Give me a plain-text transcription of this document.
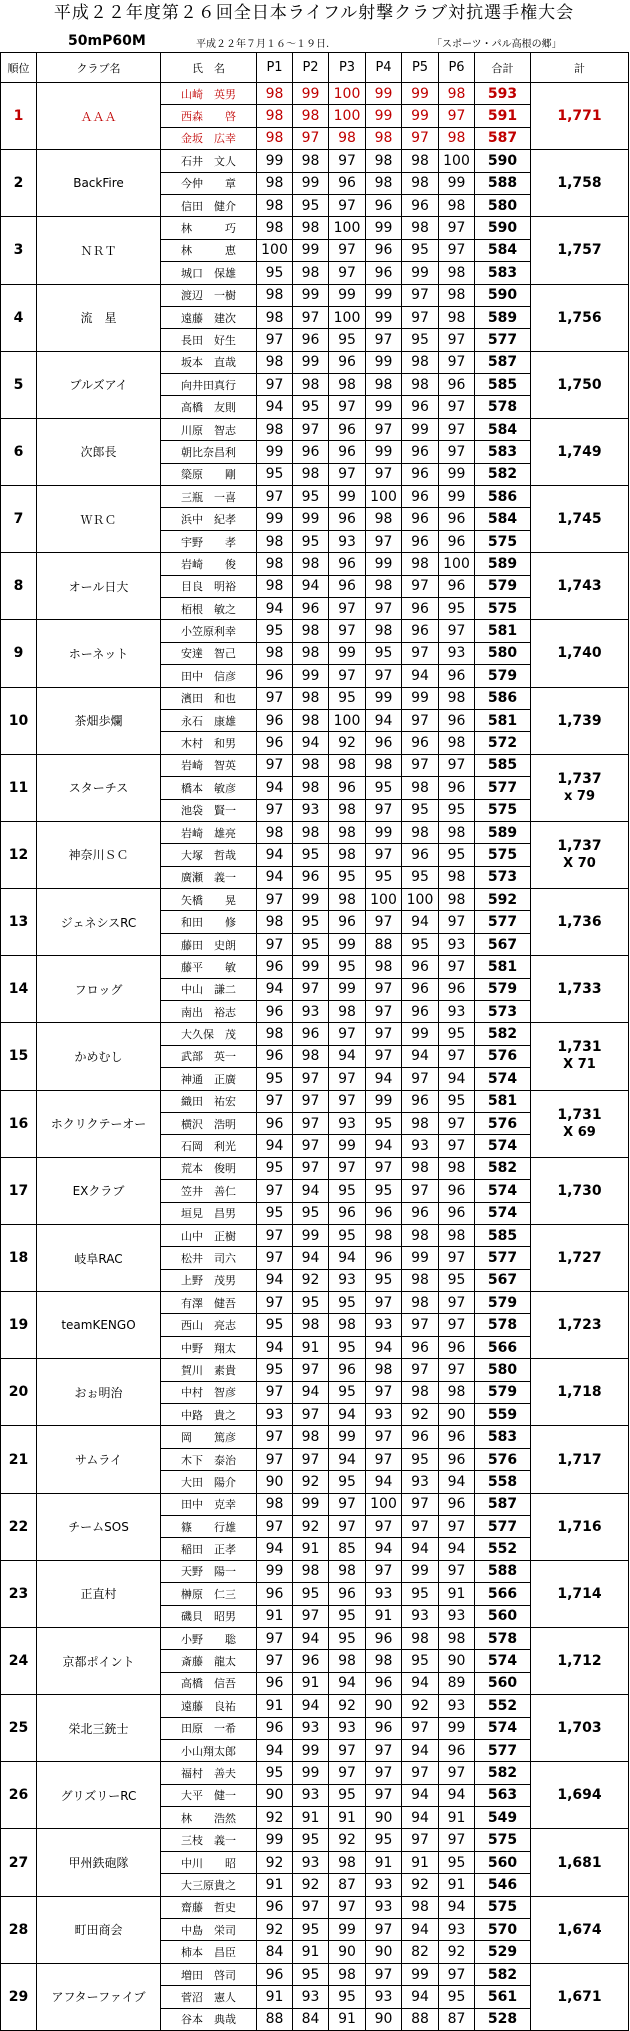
平成２２年度第２６回全日本ライフル射撃クラブ対抗選手権大会
50mP60M	平成２２年７月１６～１９日.	「スポーツ・パル高根の郷」
順位	クラブ名	氏　名	P1	P2	P3	P4	P5	P6	合計	計
1	ＡＡＡ	山崎　英男	98	99	100	99	99	98	593	1,771
		西森　　啓	98	98	100	99	99	97	591	
		金坂　広幸	98	97	98	98	97	98	587	
2	BackFire	石井　文人	99	98	97	98	98	100	590	1,758
		今仲　　章	98	99	96	98	98	99	588	
		信田　健介	98	95	97	96	96	98	580	
3	ＮＲＴ	林　　　巧	98	98	100	99	98	97	590	1,757
		林　　　恵	100	99	97	96	95	97	584	
		城口　保雄	95	98	97	96	99	98	583	
4	流　星	渡辺　一樹	98	99	99	99	97	98	590	1,756
		遠藤　建次	98	97	100	99	97	98	589	
		長田　好生	97	96	95	97	95	97	577	
5	ブルズアイ	坂本　直哉	98	99	96	99	98	97	587	1,750
		向井田真行	97	98	98	98	98	96	585	
		高橋　友則	94	95	97	99	96	97	578	
6	次郎長	川原　智志	98	97	96	97	99	97	584	1,749
		朝比奈昌利	99	96	96	99	96	97	583	
		簗原　　剛	95	98	97	97	96	99	582	
7	ＷＲＣ	三瓶　一喜	97	95	99	100	96	99	586	1,745
		浜中　紀孝	99	99	96	98	96	96	584	
		宇野　　孝	98	95	93	97	96	96	575	
8	オール日大	岩崎　　俊	98	98	96	99	98	100	589	1,743
		目良　明裕	98	94	96	98	97	96	579	
		栢根　敏之	94	96	97	97	96	95	575	
9	ホーネット	小笠原利幸	95	98	97	98	96	97	581	1,740
		安達　智己	98	98	99	95	97	93	580	
		田中　信彦	96	99	97	97	94	96	579	
10	茶畑歩爛	濱田　和也	97	98	95	99	99	98	586	1,739
		永石　康雄	96	98	100	94	97	96	581	
		木村　和男	96	94	92	96	96	98	572	
11	スターチス	岩崎　智英	97	98	98	98	97	97	585	1,737
x 79

		橋本　敏彦	94	98	96	95	98	96	577	
		池袋　賢一	97	93	98	97	95	95	575	
12	神奈川ＳＣ	岩崎　雄亮	98	98	98	99	98	98	589	1,737
X 70

		大塚　哲哉	94	95	98	97	96	95	575	
		廣瀬　義一	94	96	95	95	95	98	573	
13	ジェネシスRC	矢橋　　晃	97	99	98	100	100	98	592	1,736
		和田　　修	98	95	96	97	94	97	577	
		藤田　史朗	97	95	99	88	95	93	567	
14	フロッグ	藤平　　敏	96	99	95	98	96	97	581	1,733
		中山　謙二	94	97	99	97	96	96	579	
		南出　裕志	96	93	98	97	96	93	573	
15	かめむし	大久保　茂	98	96	97	97	99	95	582	1,731
X 71

		武部　英一	96	98	94	97	94	97	576	
		神通　正廣	95	97	97	94	97	94	574	
16	ホクリクテーオー	織田　祐宏	97	97	97	99	96	95	581	1,731
X 69

		横沢　浩明	96	97	93	95	98	97	576	
		石岡　利光	94	97	99	94	93	97	574	
17	EXクラブ	荒本　俊明	95	97	97	97	98	98	582	1,730
		笠井　善仁	97	94	95	95	97	96	574	
		垣見　昌男	95	95	96	96	96	96	574	
18	岐阜RAC	山中　正樹	97	99	95	98	98	98	585	1,727
		松井　司六	97	94	94	96	99	97	577	
		上野　茂男	94	92	93	95	98	95	567	
19	teamKENGO	有澤　健吾	97	95	95	97	98	97	579	1,723
		西山　亮志	95	98	98	93	97	97	578	
		中野　翔太	94	91	95	94	96	96	566	
20	おぉ明治	賀川　素貴	95	97	96	98	97	97	580	1,718
		中村　智彦	97	94	95	97	98	98	579	
		中路　貴之	93	97	94	93	92	90	559	
21	サムライ	岡　　篤彦	97	98	99	97	96	96	583	1,717
		木下　泰治	97	97	94	97	95	96	576	
		大田　陽介	90	92	95	94	93	94	558	
22	チームSOS	田中　克幸	98	99	97	100	97	96	587	1,716
		篠　　行雄	97	92	97	97	97	97	577	
		稲田　正孝	94	91	85	94	94	94	552	
23	正直村	天野　陽一	99	98	98	97	99	97	588	1,714
		榊原　仁三	96	95	96	93	95	91	566	
		磯貝　昭男	91	97	95	91	93	93	560	
24	京都ポイント	小野　　聡	97	94	95	96	98	98	578	1,712
		斎藤　龍太	97	96	98	98	95	90	574	
		高橋　信吾	96	91	94	96	94	89	560	
25	栄北三銃士	遠藤　良祐	91	94	92	90	92	93	552	1,703
		田原　一希	96	93	93	96	97	99	574	
		小山翔太郎	94	99	97	97	94	96	577	
26	グリズリーRC	福村　善夫	95	99	97	97	97	97	582	1,694
		大平　健一	90	93	95	97	94	94	563	
		林　　浩然	92	91	91	90	94	91	549	
27	甲州鉄砲隊	三枝　義一	99	95	92	95	97	97	575	1,681
		中川　　昭	92	93	98	91	91	95	560	
		大三原貴之	91	92	87	93	92	91	546	
28	町田商会	齋藤　哲史	96	97	97	93	98	94	575	1,674
		中島　栄司	92	95	99	97	94	93	570	
		柿本　昌臣	84	91	90	90	82	92	529	
29	アフターファイブ	増田　啓司	96	95	98	97	99	97	582	1,671
		菅沼　憲人	91	93	95	93	94	95	561	
		谷本　典哉	88	84	91	90	88	87	528	
